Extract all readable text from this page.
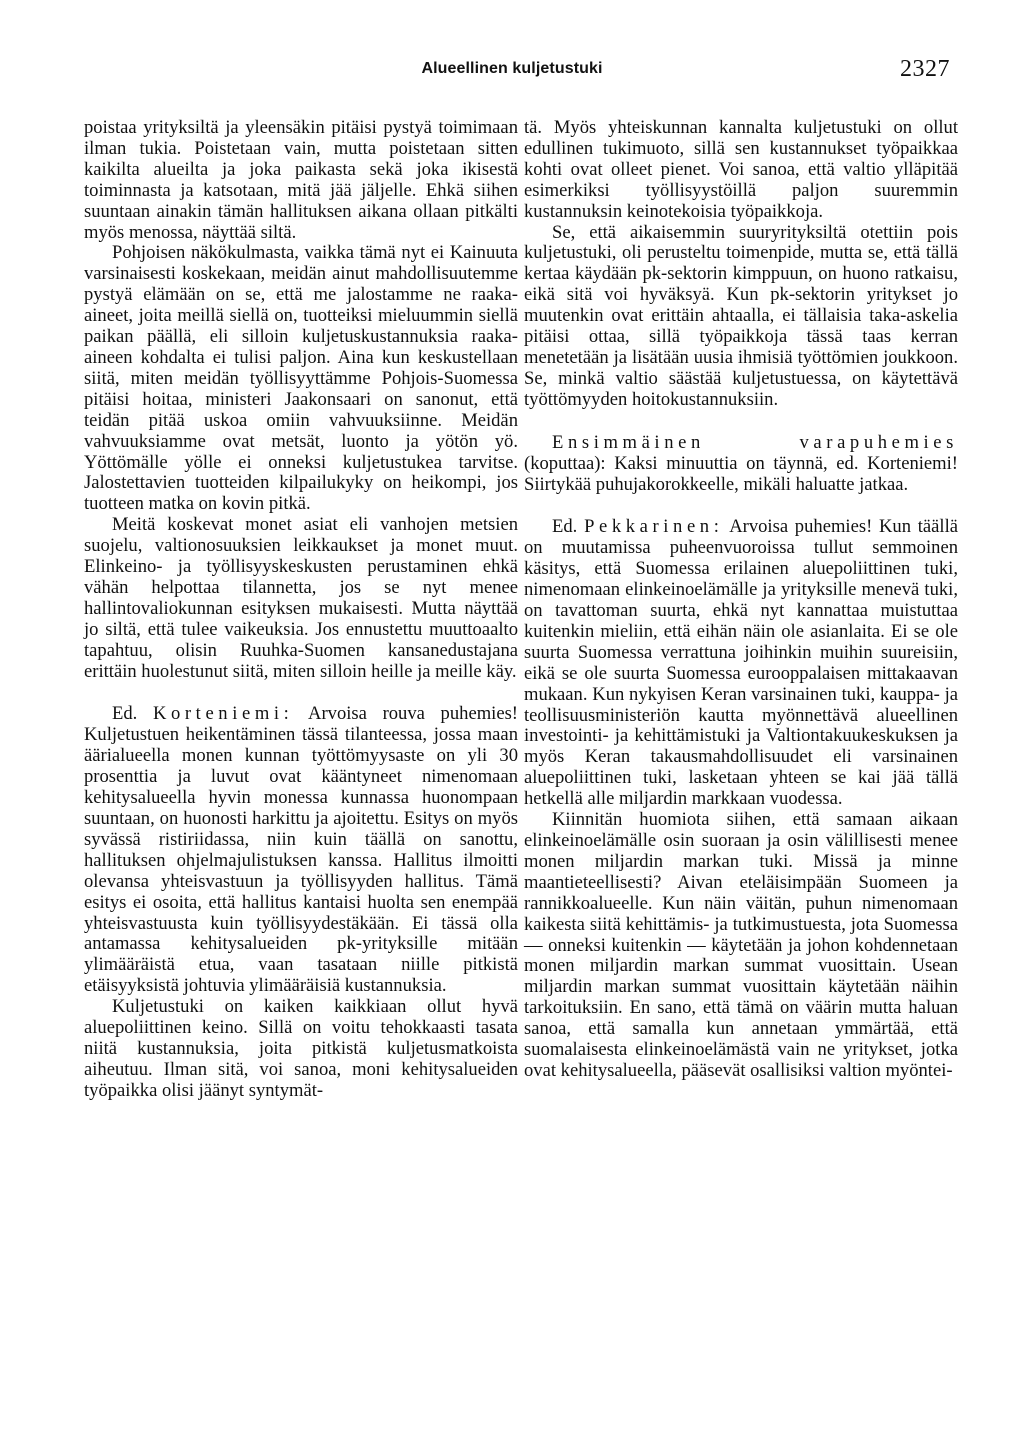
Alueellinen kuljetustuki	2327

poistaa yrityksiltä ja yleensäkin pitäisi pystyä toimimaan ilman tukia. Poistetaan vain, mutta poistetaan sitten kaikilta alueilta ja joka paikasta sekä joka ikisestä toiminnasta ja katsotaan, mitä jää jäljelle. Ehkä siihen suuntaan ainakin tämän hallituksen aikana ollaan pitkälti myös menossa, näyttää siltä.

Pohjoisen näkökulmasta, vaikka tämä nyt ei Kainuuta varsinaisesti koskekaan, meidän ainut mahdollisuutemme pystyä elämään on se, että me jalostamme ne raaka-aineet, joita meillä siellä on, tuotteiksi mieluummin siellä paikan päällä, eli silloin kuljetuskustannuksia raaka-aineen kohdalta ei tulisi paljon. Aina kun keskustellaan siitä, miten meidän työllisyyttämme Pohjois-Suomessa pitäisi hoitaa, ministeri Jaakonsaari on sanonut, että teidän pitää uskoa omiin vahvuuksiinne. Meidän vahvuuksiamme ovat metsät, luonto ja yötön yö. Yöttömälle yölle ei onneksi kuljetustukea tarvitse. Jalostettavien tuotteiden kilpailukyky on heikompi, jos tuotteen matka on kovin pitkä.

Meitä koskevat monet asiat eli vanhojen metsien suojelu, valtionosuuksien leikkaukset ja monet muut. Elinkeino- ja työllisyyskeskusten perustaminen ehkä vähän helpottaa tilannetta, jos se nyt menee hallintovaliokunnan esityksen mukaisesti. Mutta näyttää jo siltä, että tulee vaikeuksia. Jos ennustettu muuttoaalto tapahtuu, olisin Ruuhka-Suomen kansanedustajana erittäin huolestunut siitä, miten silloin heille ja meille käy.

Ed. Korteniemi: Arvoisa rouva puhemies! Kuljetustuen heikentäminen tässä tilanteessa, jossa maan äärialueella monen kunnan työttömyysaste on yli 30 prosenttia ja luvut ovat kääntyneet nimenomaan kehitysalueella hyvin monessa kunnassa huonompaan suuntaan, on huonosti harkittu ja ajoitettu. Esitys on myös syvässä ristiriidassa, niin kuin täällä on sanottu, hallituksen ohjelmajulistuksen kanssa. Hallitus ilmoitti olevansa yhteisvastuun ja työllisyyden hallitus. Tämä esitys ei osoita, että hallitus kantaisi huolta sen enempää yhteisvastuusta kuin työllisyydestäkään. Ei tässä olla antamassa kehitysalueiden pk-yrityksille mitään ylimääräistä etua, vaan tasataan niille pitkistä etäisyyksistä johtuvia ylimääräisiä kustannuksia.

Kuljetustuki on kaiken kaikkiaan ollut hyvä aluepoliittinen keino. Sillä on voitu tehokkaasti tasata niitä kustannuksia, joita pitkistä kuljetusmatkoista aiheutuu. Ilman sitä, voi sanoa, moni kehitysalueiden työpaikka olisi jäänyt syntymät-

tä. Myös yhteiskunnan kannalta kuljetustuki on ollut edullinen tukimuoto, sillä sen kustannukset työpaikkaa kohti ovat olleet pienet. Voi sanoa, että valtio ylläpitää esimerkiksi työllisyystöillä paljon suuremmin kustannuksin keinotekoisia työpaikkoja.

Se, että aikaisemmin suuryrityksiltä otettiin pois kuljetustuki, oli perusteltu toimenpide, mutta se, että tällä kertaa käydään pk-sektorin kimppuun, on huono ratkaisu, eikä sitä voi hyväksyä. Kun pk-sektorin yritykset jo muutenkin ovat erittäin ahtaalla, ei tällaisia taka-askelia pitäisi ottaa, sillä työpaikkoja tässä taas kerran menetetään ja lisätään uusia ihmisiä työttömien joukkoon. Se, minkä valtio säästää kuljetustuessa, on käytettävä työttömyyden hoitokustannuksiin.

Ensimmäinen varapuhemies (koputtaa): Kaksi minuuttia on täynnä, ed. Korteniemi! Siirtykää puhujakorokkeelle, mikäli haluatte jatkaa.

Ed. Pekkarinen: Arvoisa puhemies! Kun täällä on muutamissa puheenvuoroissa tullut semmoinen käsitys, että Suomessa erilainen aluepoliittinen tuki, nimenomaan elinkeinoelämälle ja yrityksille menevä tuki, on tavattoman suurta, ehkä nyt kannattaa muistuttaa kuitenkin mieliin, että eihän näin ole asianlaita. Ei se ole suurta Suomessa verrattuna joihinkin muihin suureisiin, eikä se ole suurta Suomessa eurooppalaisen mittakaavan mukaan. Kun nykyisen Keran varsinainen tuki, kauppa- ja teollisuusministeriön kautta myönnettävä alueellinen investointi- ja kehittämistuki ja Valtiontakuukeskuksen ja myös Keran takausmahdollisuudet eli varsinainen aluepoliittinen tuki, lasketaan yhteen se kai jää tällä hetkellä alle miljardin markkaan vuodessa.

Kiinnitän huomiota siihen, että samaan aikaan elinkeinoelämälle osin suoraan ja osin välillisesti menee monen miljardin markan tuki. Missä ja minne maantieteellisesti? Aivan eteläisimpään Suomeen ja rannikkoalueelle. Kun näin väitän, puhun nimenomaan kaikesta siitä kehittämis- ja tutkimustuesta, jota Suomessa — onneksi kuitenkin — käytetään ja johon kohdennetaan monen miljardin markan summat vuosittain. Usean miljardin markan summat vuosittain käytetään näihin tarkoituksiin. En sano, että tämä on väärin mutta haluan sanoa, että samalla kun annetaan ymmärtää, että suomalaisesta elinkeinoelämästä vain ne yritykset, jotka ovat kehitysalueella, pääsevät osallisiksi valtion myöntei-
